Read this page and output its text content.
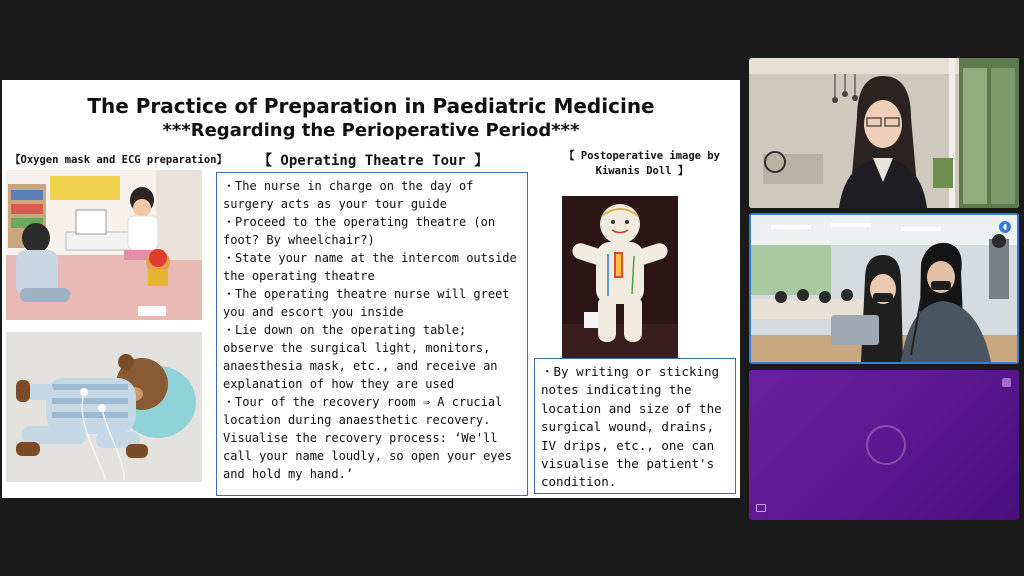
The Practice of Preparation in Paediatric Medicine
***Regarding the Perioperative Period***
【Oxygen mask and ECG preparation】 【 Operating Theatre Tour 】	【 Postoperative image by Kiwanis Doll 】
・The nurse in charge on the day of surgery acts as your tour guide
・Proceed to the operating theatre (on foot? By wheelchair?)
・State your name at the intercom outside the operating theatre
・The operating theatre nurse will greet you and escort you inside
・Lie down on the operating table; observe the surgical light, monitors, anaesthesia mask, etc., and receive an explanation of how they are used
・Tour of the recovery room ⇒ A crucial location during anaesthetic recovery. Visualise the recovery process: ‘We'll call your name loudly, so open your eyes and hold my hand.’
・By writing or sticking notes indicating the location and size of the surgical wound, drains, IV drips, etc., one can visualise the patient's condition.
◖
